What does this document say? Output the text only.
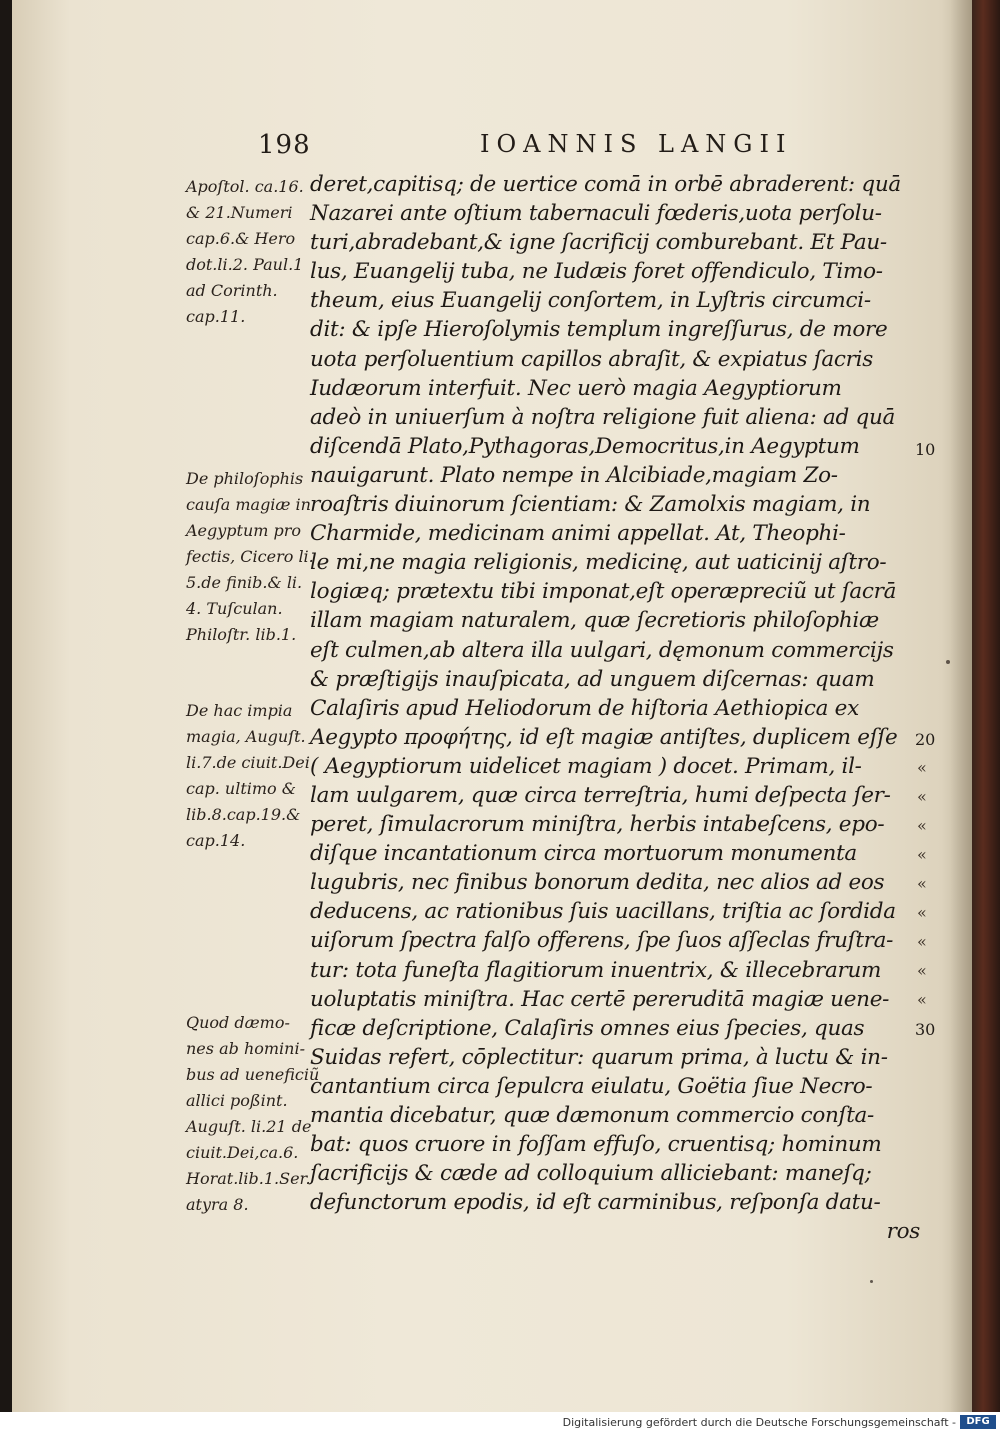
198	IOANNIS LANGII
Apoſtol. ca.16.
& 21.Numeri
cap.6.& Hero
dot.li.2. Paul.1
ad Corinth.
cap.11.
De philoſophis
cauſa magiæ in
Aegyptum pro
fectis, Cicero li.
5.de finib.& li.
4. Tuſculan.
Philoſtr. lib.1.
De hac impia
magia, Auguſt.
li.7.de ciuit.Dei
cap. ultimo &
lib.8.cap.19.&
cap.14.
Quod dæmo-
nes ab homini-
bus ad ueneficiũ
allici poßint.
Auguſt. li.21 de
ciuit.Dei,ca.6.
Horat.lib.1.Ser.
atyra 8.
deret,capitisq; de uertice comā in orbē abraderent: quā
Nazarei ante oſtium tabernaculi fœderis,uota perſolu-
turi,abradebant,& igne ſacrificij comburebant. Et Pau-
lus, Euangelij tuba, ne Iudæis foret offendiculo, Timo-
theum, eius Euangelij conſortem, in Lyſtris circumci-
dit: & ipſe Hieroſolymis templum ingreſſurus, de more
uota perſoluentium capillos abraſit, & expiatus ſacris
Iudæorum interfuit. Nec uerò magia Aegyptiorum
adeò in uniuerſum à noſtra religione fuit aliena: ad quā
diſcendā Plato,Pythagoras,Democritus,in Aegyptum
nauigarunt. Plato nempe in Alcibiade,magiam Zo-
roaſtris diuinorum ſcientiam: & Zamolxis magiam, in
Charmide, medicinam animi appellat. At, Theophi-
le mi,ne magia religionis, medicinę, aut uaticinij aſtro-
logiæq; prætextu tibi imponat,eſt operæpreciũ ut ſacrā
illam magiam naturalem, quæ ſecretioris philoſophiæ
eſt culmen,ab altera illa uulgari, dęmonum commercijs
& præſtigijs inauſpicata, ad unguem diſcernas: quam
Calaſiris apud Heliodorum de hiſtoria Aethiopica ex
Aegypto προφήτης, id eſt magiæ antiſtes, duplicem eſſe
( Aegyptiorum uidelicet magiam ) docet. Primam, il-
lam uulgarem, quæ circa terreſtria, humi deſpecta ſer-
peret, ſimulacrorum miniſtra, herbis intabeſcens, epo-
diſque incantationum circa mortuorum monumenta
lugubris, nec finibus bonorum dedita, nec alios ad eos
deducens, ac rationibus ſuis uacillans, triſtia ac ſordida
uiſorum ſpectra falſo offerens, ſpe ſuos aſſeclas fruſtra-
tur: tota funeſta flagitiorum inuentrix, & illecebrarum
uoluptatis miniſtra. Hac certē pereruditā magiæ uene-
ficæ deſcriptione, Calaſiris omnes eius ſpecies, quas
Suidas refert, cōplectitur: quarum prima, à luctu & in-
cantantium circa ſepulcra eiulatu, Goëtia ſiue Necro-
mantia dicebatur, quæ dæmonum commercio conſta-
bat: quos cruore in foſſam effuſo, cruentisq; hominum
ſacrificijs & cæde ad colloquium alliciebant: maneſq;
defunctorum epodis, id eſt carminibus, reſponſa datu-
ros
10
20
30
«
«
«
«
«
«
«
«
«
Digitalisierung gefördert durch die Deutsche Forschungsgemeinschaft -	DFG
